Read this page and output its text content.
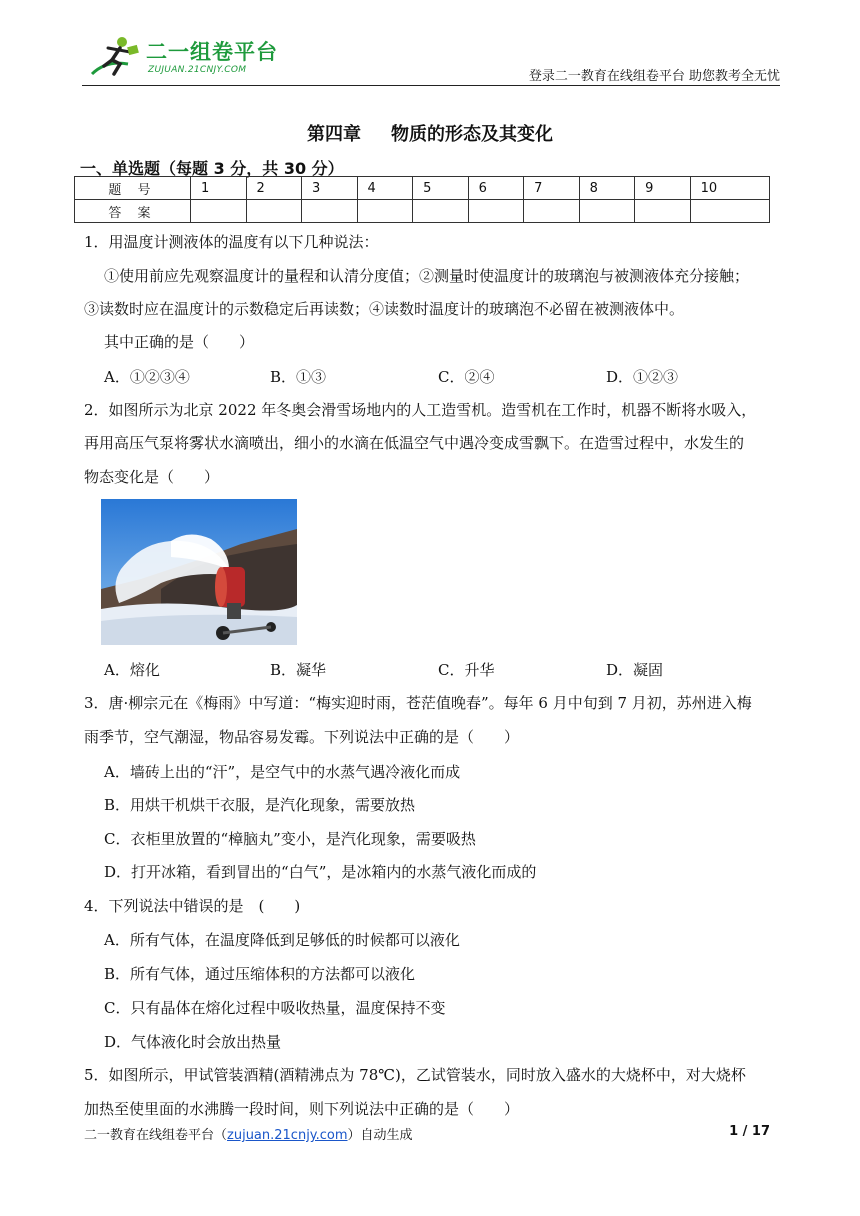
二一组卷平台
ZUJUAN.21CNJY.COM	登录二一教育在线组卷平台 助您教考全无忧
第四章 物质的形态及其变化
一、单选题（每题 3 分，共 30 分）
题 号	1	2	3	4	5	6	7	8	9	10
答 案										
1．用温度计测液体的温度有以下几种说法：
①使用前应先观察温度计的量程和认清分度值；②测量时使温度计的玻璃泡与被测液体充分接触；
③读数时应在温度计的示数稳定后再读数；④读数时温度计的玻璃泡不必留在被测液体中。
其中正确的是（　　）
A．①②③④	B．①③	C．②④	D．①②③
2．如图所示为北京 2022 年冬奥会滑雪场地内的人工造雪机。造雪机在工作时，机器不断将水吸入，
再用高压气泵将雾状水滴喷出，细小的水滴在低温空气中遇冷变成雪飘下。在造雪过程中，水发生的
物态变化是（　　）
A．熔化	B．凝华	C．升华	D．凝固
3．唐·柳宗元在《梅雨》中写道：“梅实迎时雨，苍茫值晚春”。每年 6 月中旬到 7 月初，苏州进入梅
雨季节，空气潮湿，物品容易发霉。下列说法中正确的是（　　）
A．墙砖上出的“汗”，是空气中的水蒸气遇冷液化而成
B．用烘干机烘干衣服，是汽化现象，需要放热
C．衣柜里放置的“樟脑丸”变小，是汽化现象，需要吸热
D．打开冰箱，看到冒出的“白气”，是冰箱内的水蒸气液化而成的
4．下列说法中错误的是　(　　)
A．所有气体，在温度降低到足够低的时候都可以液化
B．所有气体，通过压缩体积的方法都可以液化
C．只有晶体在熔化过程中吸收热量，温度保持不变
D．气体液化时会放出热量
5．如图所示，甲试管装酒精(酒精沸点为 78℃)，乙试管装水，同时放入盛水的大烧杯中，对大烧杯
加热至使里面的水沸腾一段时间，则下列说法中正确的是（　　）
二一教育在线组卷平台（zujuan.21cnjy.com）自动生成	1 / 17
